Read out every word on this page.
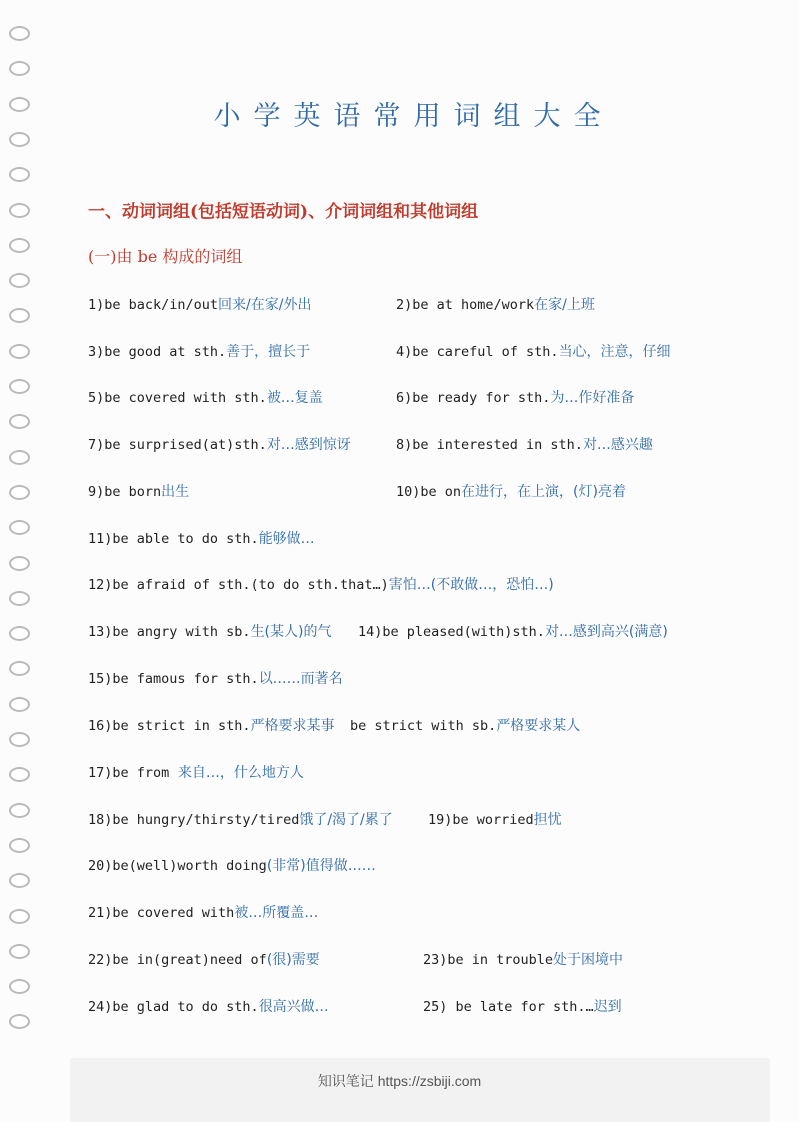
小学英语常用词组大全
一、动词词组(包括短语动词)、介词词组和其他词组
(一)由 be 构成的词组
1)be back/in/out回来/在家/外出	2)be at home/work在家/上班
3)be good at sth.善于，擅长于	4)be careful of sth.当心，注意，仔细
5)be covered with sth.被…复盖	6)be ready for sth.为…作好准备
7)be surprised(at)sth.对…感到惊讶	8)be interested in sth.对…感兴趣
9)be born出生	10)be on在进行，在上演，(灯)亮着
11)be able to do sth.能够做…
12)be afraid of sth.(to do sth.that…)害怕…(不敢做…，恐怕…)
13)be angry with sb.生(某人)的气 14)be pleased(with)sth.对…感到高兴(满意)
15)be famous for sth.以……而著名
16)be strict in sth.严格要求某事 be strict with sb.严格要求某人
17)be from 来自…，什么地方人
18)be hungry/thirsty/tired饿了/渴了/累了	19)be worried担忧
20)be(well)worth doing(非常)值得做……
21)be covered with被…所覆盖…
22)be in(great)need of(很)需要	23)be in trouble处于困境中
24)be glad to do sth.很高兴做…	25) be late for sth.…迟到
知识笔记 https://zsbiji.com
